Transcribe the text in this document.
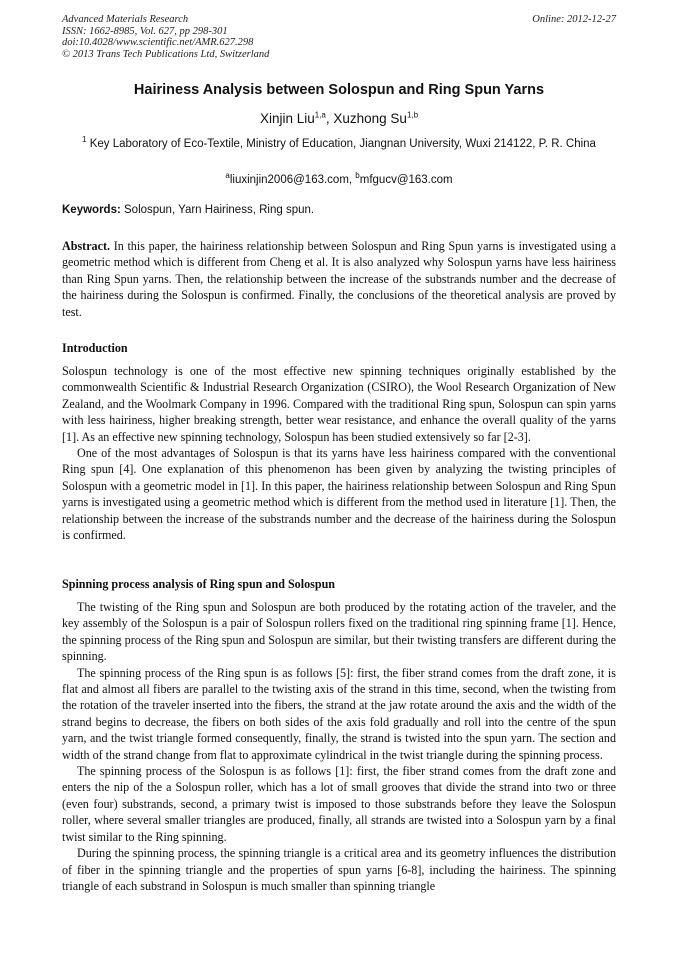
Advanced Materials Research
ISSN: 1662-8985, Vol. 627, pp 298-301
doi:10.4028/www.scientific.net/AMR.627.298
© 2013 Trans Tech Publications Ltd, Switzerland
Online: 2012-12-27
Hairiness Analysis between Solospun and Ring Spun Yarns
Xinjin Liu$^{1,a}$, Xuzhong Su$^{1,b}$
$^1$ Key Laboratory of Eco-Textile, Ministry of Education, Jiangnan University, Wuxi 214122, P. R. China
$^a$liuxinjin2006@163.com, $^b$mfgucv@163.com
Keywords: Solospun, Yarn Hairiness, Ring spun.

Abstract. In this paper, the hairiness relationship between Solospun and Ring Spun yarns is investigated using a geometric method which is different from Cheng et al. It is also analyzed why Solospun yarns have less hairiness than Ring Spun yarns. Then, the relationship between the increase of the substrands number and the decrease of the hairiness during the Solospun is confirmed. Finally, the conclusions of the theoretical analysis are proved by test.

Introduction

Solospun technology is one of the most effective new spinning techniques originally established by the commonwealth Scientific & Industrial Research Organization (CSIRO), the Wool Research Organization of New Zealand, and the Woolmark Company in 1996. Compared with the traditional Ring spun, Solospun can spin yarns with less hairiness, higher breaking strength, better wear resistance, and enhance the overall quality of the yarns [1]. As an effective new spinning technology, Solospun has been studied extensively so far [2-3].

One of the most advantages of Solospun is that its yarns have less hairiness compared with the conventional Ring spun [4]. One explanation of this phenomenon has been given by analyzing the twisting principles of Solospun with a geometric model in [1]. In this paper, the hairiness relationship between Solospun and Ring Spun yarns is investigated using a geometric method which is different from the method used in literature [1]. Then, the relationship between the increase of the substrands number and the decrease of the hairiness during the Solospun is confirmed.

Spinning process analysis of Ring spun and Solospun

The twisting of the Ring spun and Solospun are both produced by the rotating action of the traveler, and the key assembly of the Solospun is a pair of Solospun rollers fixed on the traditional ring spinning frame [1]. Hence, the spinning process of the Ring spun and Solospun are similar, but their twisting transfers are different during the spinning.

The spinning process of the Ring spun is as follows [5]: first, the fiber strand comes from the draft zone, it is flat and almost all fibers are parallel to the twisting axis of the strand in this time, second, when the twisting from the rotation of the traveler inserted into the fibers, the strand at the jaw rotate around the axis and the width of the strand begins to decrease, the fibers on both sides of the axis fold gradually and roll into the centre of the spun yarn, and the twist triangle formed consequently, finally, the strand is twisted into the spun yarn. The section and width of the strand change from flat to approximate cylindrical in the twist triangle during the spinning process.

The spinning process of the Solospun is as follows [1]: first, the fiber strand comes from the draft zone and enters the nip of the a Solospun roller, which has a lot of small grooves that divide the strand into two or three (even four) substrands, second, a primary twist is imposed to those substrands before they leave the Solospun roller, where several smaller triangles are produced, finally, all strands are twisted into a Solospun yarn by a final twist similar to the Ring spinning.

During the spinning process, the spinning triangle is a critical area and its geometry influences the distribution of fiber in the spinning triangle and the properties of spun yarns [6-8], including the hairiness. The spinning triangle of each substrand in Solospun is much smaller than spinning triangle
